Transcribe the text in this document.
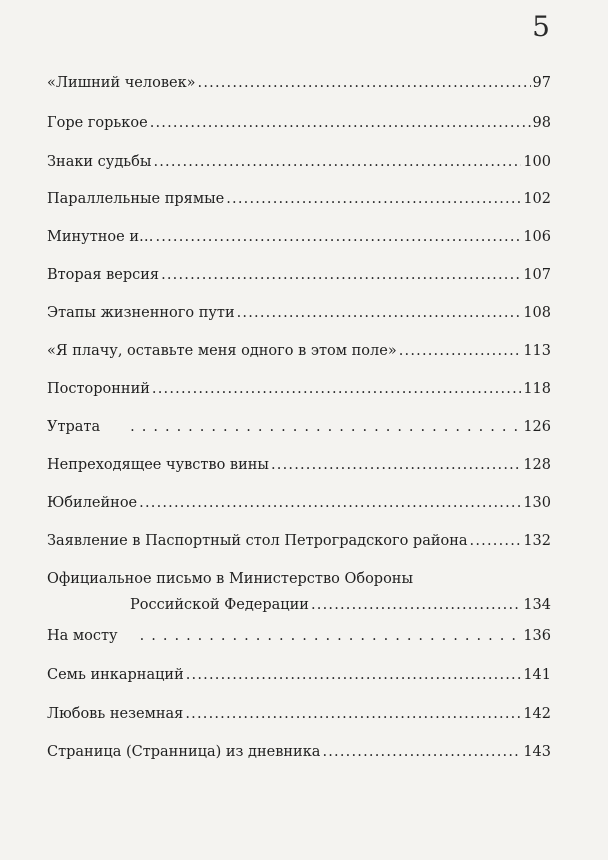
5
«Лишний человек» .....	97
Горе горькое .....	98
Знаки судьбы .....	100
Параллельные прямые .....	102
Минутное и… .....	106
Вторая версия .....	107
Этапы жизненного пути .....	108
«Я плачу, оставьте меня одного в этом поле» .....	113
Посторонний .....	118
Утрата . . .	126
Непреходящее чувство вины .....	128
Юбилейное .....	130
Заявление в Паспортный стол Петроградского района .....	132
Официальное письмо в Министерство Обороны
Российской Федерации .....	134
На мосту . . .	136
Семь инкарнаций .....	141
Любовь неземная .....	142
Страница (Странница) из дневника .....	143
